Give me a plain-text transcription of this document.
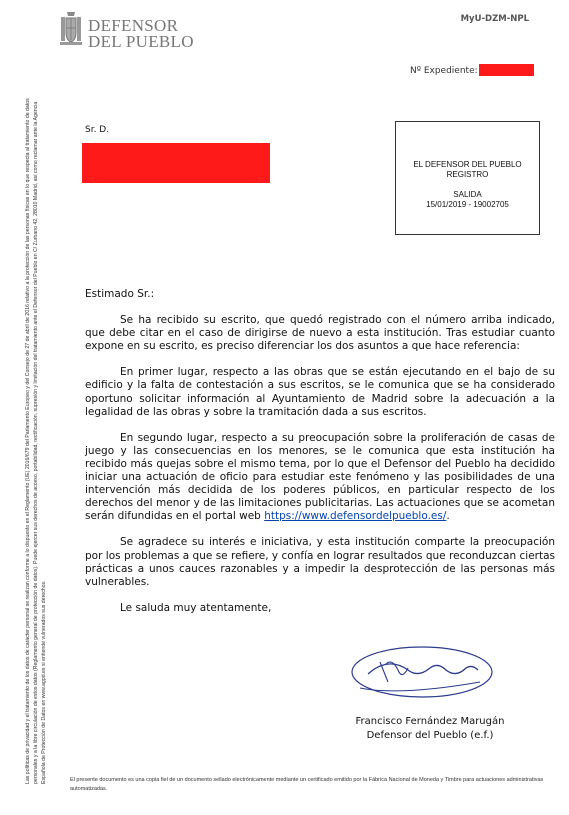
DEFENSOR
DEL PUEBLO
MyU-DZM-NPL
Nº Expediente:
Sr. D.
EL DEFENSOR DEL PUEBLO
REGISTRO
SALIDA
15/01/2019 - 19002705
Las políticas de privacidad y el tratamiento de los datos de carácter personal se realizan conforme a lo dispuesto en el Reglamento (UE) 2016/679 del Parlamento Europeo y del Consejo de 27 de abril de 2016 relativo a la protección de las personas físicas en lo que respecta al tratamiento de datos personales y a la libre circulación de estos datos (Reglamento general de protección de datos). Puede ejercer sus derechos de acceso, portabilidad, rectificación, supresión y limitación del tratamiento ante el Defensor del Pueblo en C/ Zurbano 42, 28010 Madrid, así como reclamar ante la Agencia Española de Protección de Datos en www.agpd.es si entiende vulnerados sus derechos.

Estimado Sr.:

Se ha recibido su escrito, que quedó registrado con el número arriba indicado, que debe citar en el caso de dirigirse de nuevo a esta institución. Tras estudiar cuanto expone en su escrito, es preciso diferenciar los dos asuntos a que hace referencia:

En primer lugar, respecto a las obras que se están ejecutando en el bajo de su edificio y la falta de contestación a sus escritos, se le comunica que se ha considerado oportuno solicitar información al Ayuntamiento de Madrid sobre la adecuación a la legalidad de las obras y sobre la tramitación dada a sus escritos.

En segundo lugar, respecto a su preocupación sobre la proliferación de casas de juego y las consecuencias en los menores, se le comunica que esta institución ha recibido más quejas sobre el mismo tema, por lo que el Defensor del Pueblo ha decidido iniciar una actuación de oficio para estudiar este fenómeno y las posibilidades de una intervención más decidida de los poderes públicos, en particular respecto de los derechos del menor y de las limitaciones publicitarias. Las actuaciones que se acometan serán difundidas en el portal web https://www.defensordelpueblo.es/.

Se agradece su interés e iniciativa, y esta institución comparte la preocupación por los problemas a que se refiere, y confía en lograr resultados que reconduzcan ciertas prácticas a unos cauces razonables y a impedir la desprotección de las personas más vulnerables.

Le saluda muy atentamente,

Francisco Fernández Marugán
Defensor del Pueblo (e.f.)
El presente documento es una copia fiel de un documento sellado electrónicamente mediante un certificado emitido por la Fábrica Nacional de Moneda y Timbre para actuaciones administrativas automatizadas.
